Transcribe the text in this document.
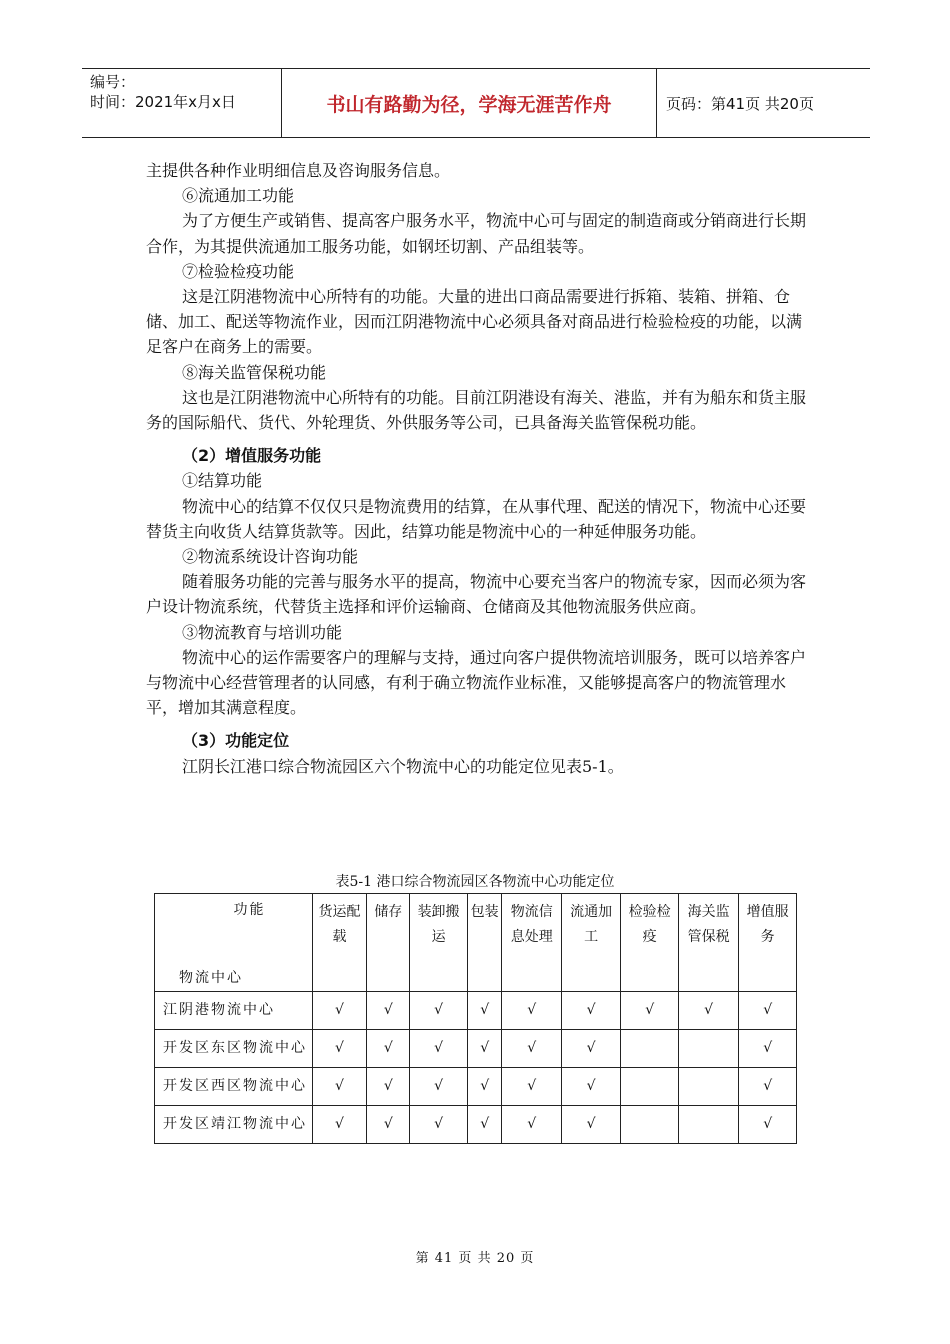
编号：
时间：2021年x月x日	书山有路勤为径，学海无涯苦作舟	页码：第41页 共20页

主提供各种作业明细信息及咨询服务信息。

⑥流通加工功能

为了方便生产或销售、提高客户服务水平，物流中心可与固定的制造商或分销商进行长期合作，为其提供流通加工服务功能，如钢坯切割、产品组装等。

⑦检验检疫功能

这是江阴港物流中心所特有的功能。大量的进出口商品需要进行拆箱、装箱、拼箱、仓储、加工、配送等物流作业，因而江阴港物流中心必须具备对商品进行检验检疫的功能，以满足客户在商务上的需要。

⑧海关监管保税功能

这也是江阴港物流中心所特有的功能。目前江阴港设有海关、港监，并有为船东和货主服务的国际船代、货代、外轮理货、外供服务等公司，已具备海关监管保税功能。

（2）增值服务功能

①结算功能

物流中心的结算不仅仅只是物流费用的结算，在从事代理、配送的情况下，物流中心还要替货主向收货人结算货款等。因此，结算功能是物流中心的一种延伸服务功能。

②物流系统设计咨询功能

随着服务功能的完善与服务水平的提高，物流中心要充当客户的物流专家，因而必须为客户设计物流系统，代替货主选择和评价运输商、仓储商及其他物流服务供应商。

③物流教育与培训功能

物流中心的运作需要客户的理解与支持，通过向客户提供物流培训服务，既可以培养客户与物流中心经营管理者的认同感，有利于确立物流作业标准，又能够提高客户的物流管理水平，增加其满意程度。

（3）功能定位

江阴长江港口综合物流园区六个物流中心的功能定位见表5-1。

表5-1 港口综合物流园区各物流中心功能定位
功能
物流中心	货运配载	储存	装卸搬运	包装	物流信息处理	流通加工	检验检疫	海关监管保税	增值服务
江阴港物流中心	√	√	√	√	√	√	√	√	√
开发区东区物流中心	√	√	√	√	√	√			√
开发区西区物流中心	√	√	√	√	√	√			√
开发区靖江物流中心	√	√	√	√	√	√			√
第 41 页 共 20 页
